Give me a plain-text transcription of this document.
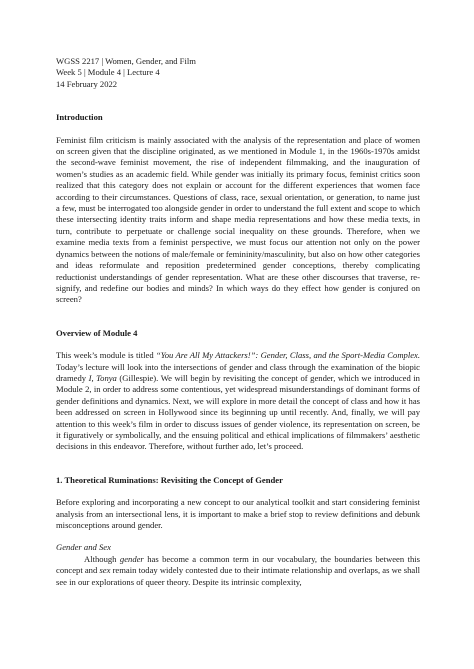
WGSS 2217 | Women, Gender, and Film
Week 5 | Module 4 | Lecture 4
14 February 2022
Introduction

Feminist film criticism is mainly associated with the analysis of the representation and place of women on screen given that the discipline originated, as we mentioned in Module 1, in the 1960s-1970s amidst the second-wave feminist movement, the rise of independent filmmaking, and the inauguration of women’s studies as an academic field. While gender was initially its primary focus, feminist critics soon realized that this category does not explain or account for the different experiences that women face according to their circumstances. Questions of class, race, sexual orientation, or generation, to name just a few, must be interrogated too alongside gender in order to understand the full extent and scope to which these intersecting identity traits inform and shape media representations and how these media texts, in turn, contribute to perpetuate or challenge social inequality on these grounds. Therefore, when we examine media texts from a feminist perspective, we must focus our attention not only on the power dynamics between the notions of male/female or femininity/masculinity, but also on how other categories and ideas reformulate and reposition predetermined gender conceptions, thereby complicating reductionist understandings of gender representation. What are these other discourses that traverse, re-signify, and redefine our bodies and minds? In which ways do they effect how gender is conjured on screen?

Overview of Module 4

This week’s module is titled “You Are All My Attackers!”: Gender, Class, and the Sport-Media Complex. Today’s lecture will look into the intersections of gender and class through the examination of the biopic dramedy I, Tonya (Gillespie). We will begin by revisiting the concept of gender, which we introduced in Module 2, in order to address some contentious, yet widespread misunderstandings of dominant forms of gender definitions and dynamics. Next, we will explore in more detail the concept of class and how it has been addressed on screen in Hollywood since its beginning up until recently. And, finally, we will pay attention to this week’s film in order to discuss issues of gender violence, its representation on screen, be it figuratively or symbolically, and the ensuing political and ethical implications of filmmakers’ aesthetic decisions in this endeavor. Therefore, without further ado, let’s proceed.

1. Theoretical Ruminations: Revisiting the Concept of Gender

Before exploring and incorporating a new concept to our analytical toolkit and start considering feminist analysis from an intersectional lens, it is important to make a brief stop to review definitions and debunk misconceptions around gender.

Gender and Sex

Although gender has become a common term in our vocabulary, the boundaries between this concept and sex remain today widely contested due to their intimate relationship and overlaps, as we shall see in our explorations of queer theory. Despite its intrinsic complexity,
